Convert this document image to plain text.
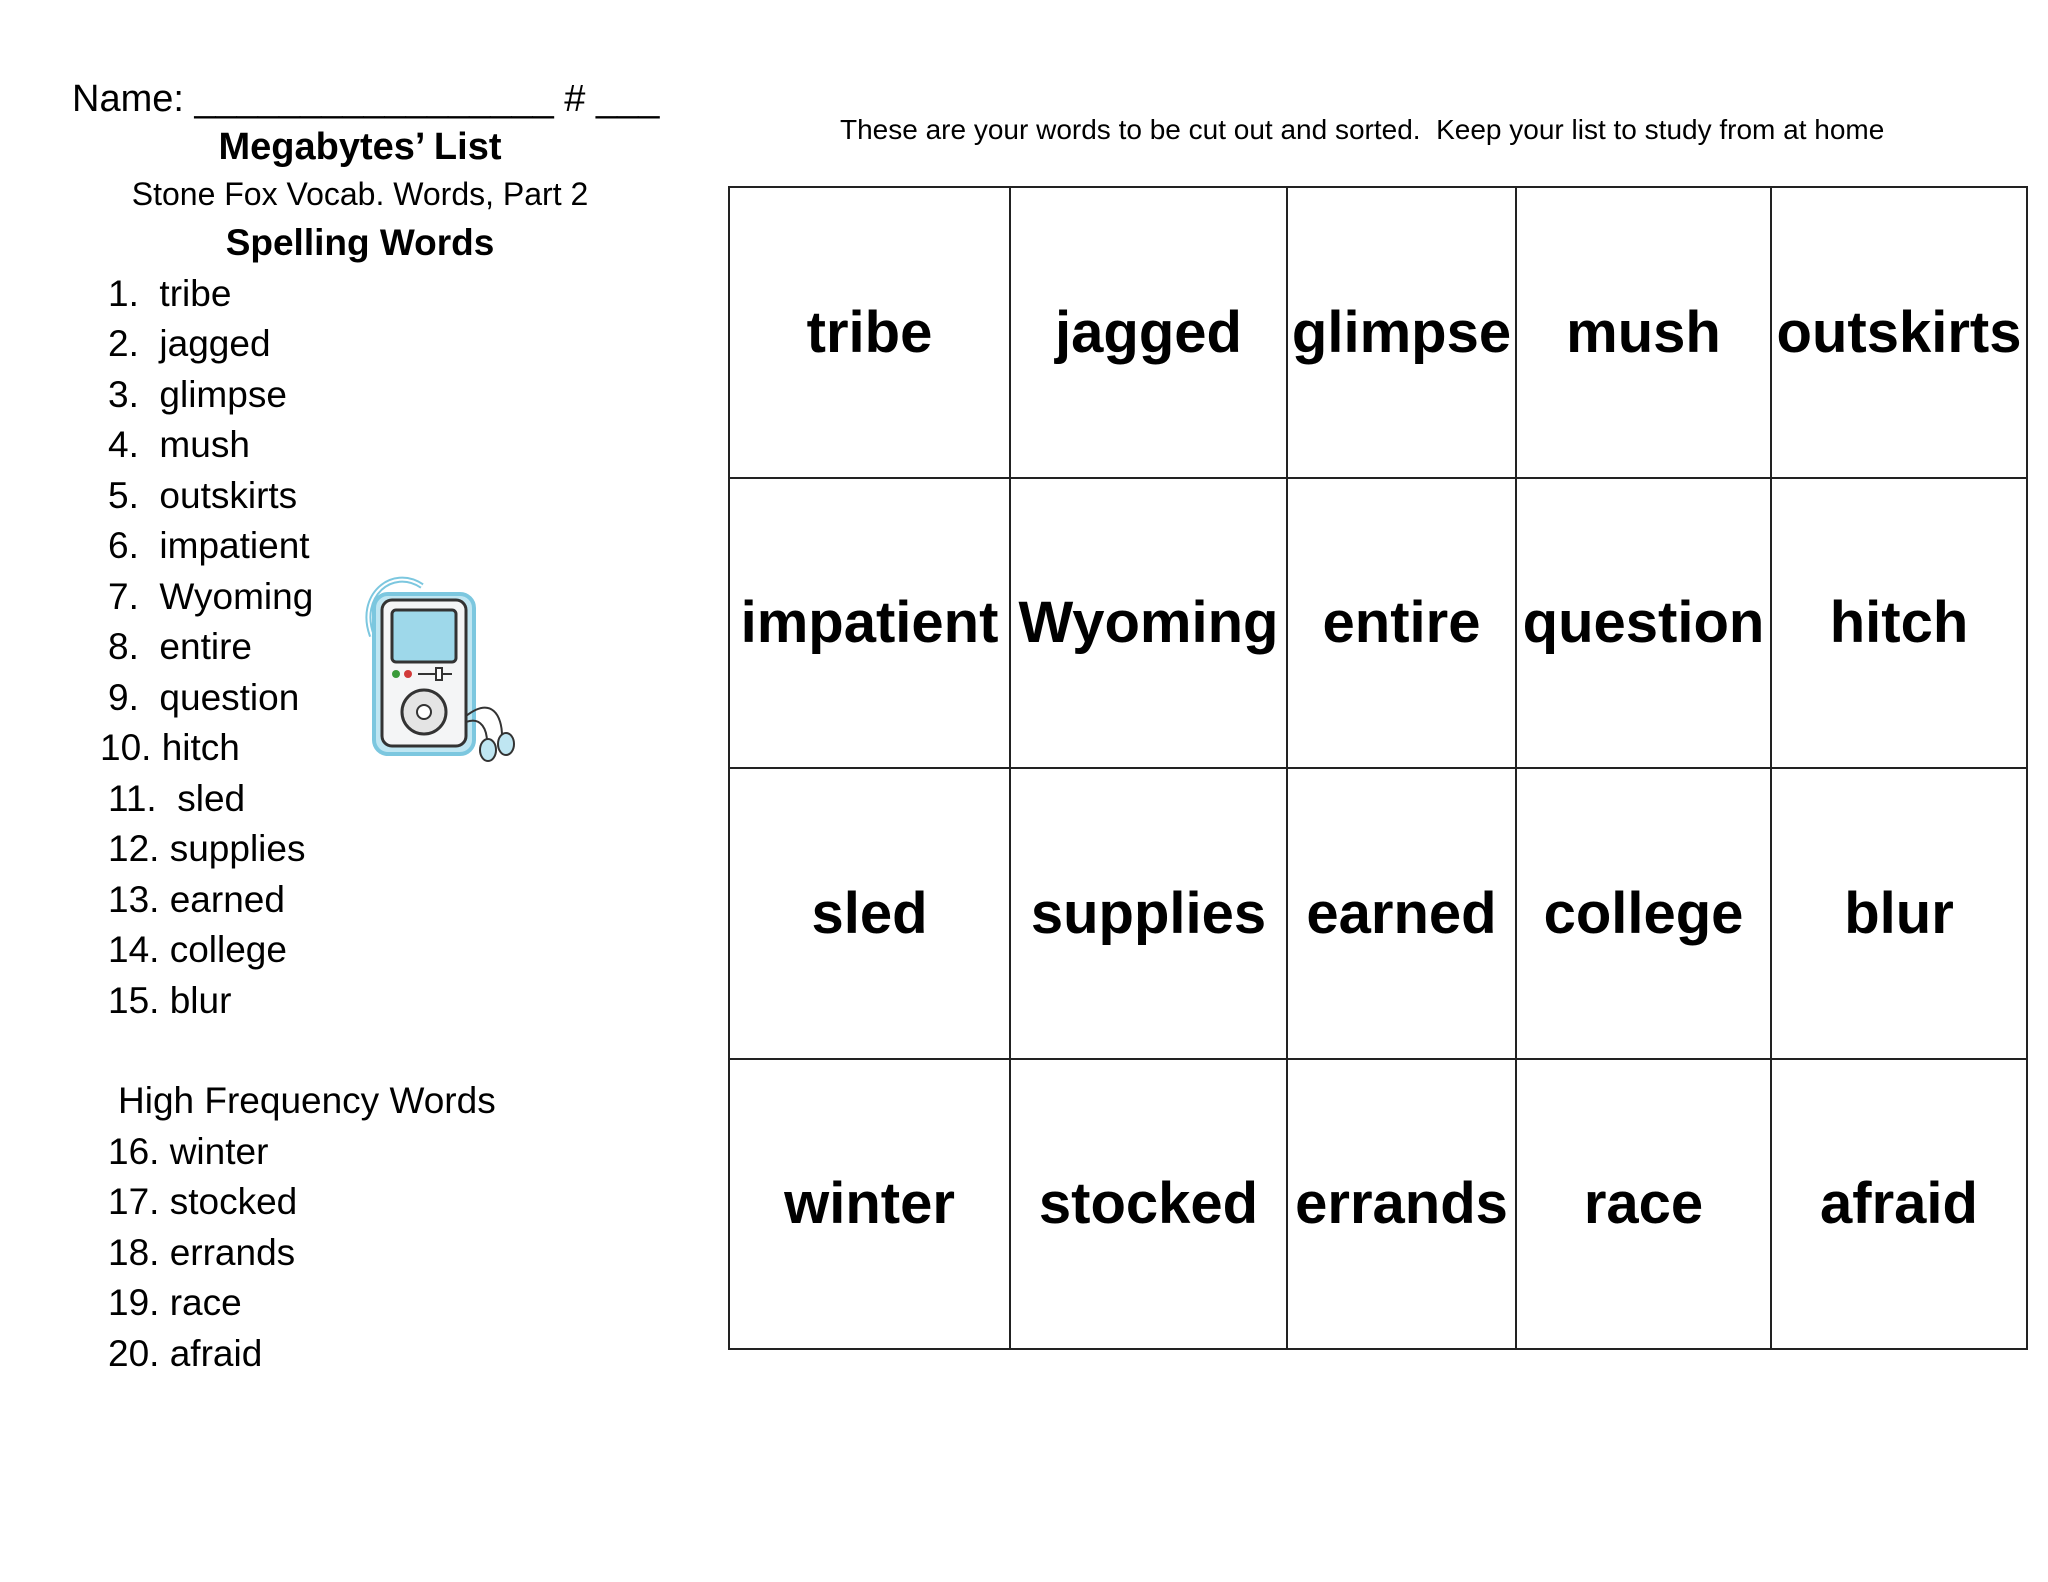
Name: _________________ # ___
Megabytes’ List
Stone Fox Vocab. Words, Part 2
Spelling Words
1.  tribe
2.  jagged
3.  glimpse
4.  mush
5.  outskirts
6.  impatient
7.  Wyoming
8.  entire
9.  question
10. hitch
11.  sled
12. supplies
13. earned
14. college
15. blur
High Frequency Words
16. winter
17. stocked
18. errands
19. race
20. afraid
These are your words to be cut out and sorted.  Keep your list to study from at home
tribe	jagged	glimpse	mush	outskirts
impatient	Wyoming	entire	question	hitch
sled	supplies	earned	college	blur
winter	stocked	errands	race	afraid
